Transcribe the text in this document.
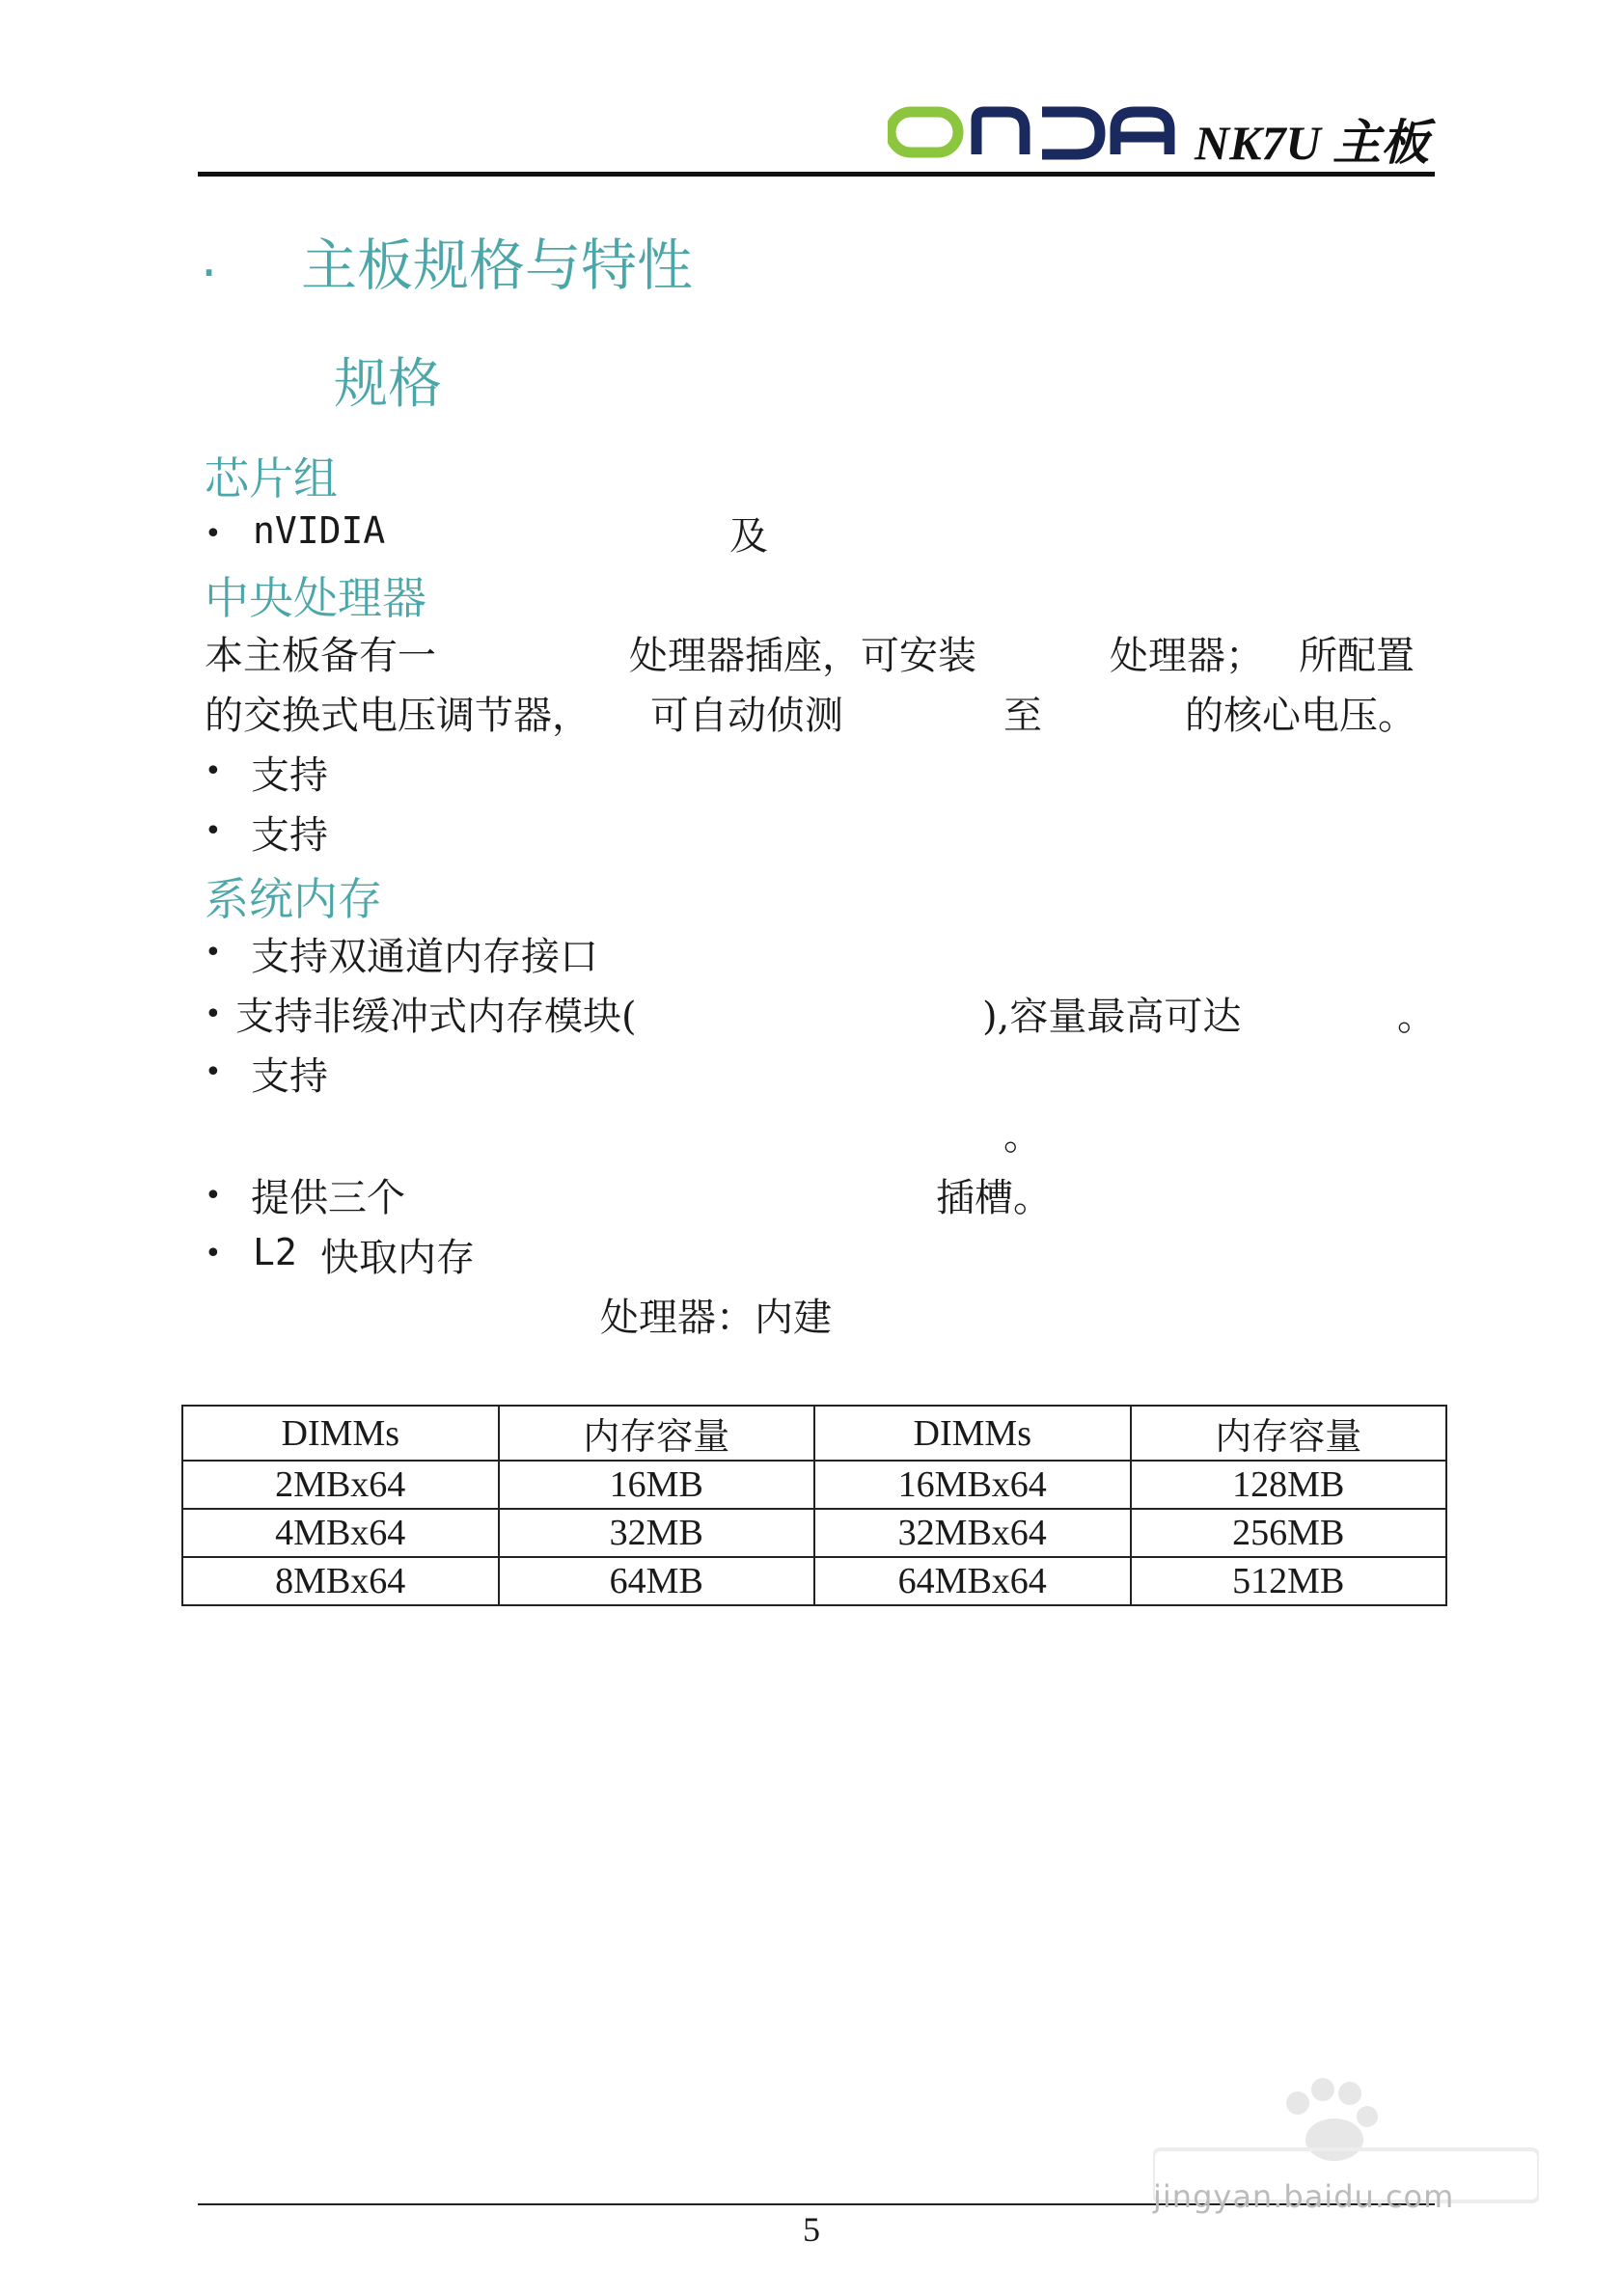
NK7U 主板
. 主板规格与特性
规格
芯片组
• nVIDIA	及
中央处理器
本主板备有一	处理器插座，可安装	处理器； 所配置
的交换式电压调节器， 可自动侦测	至	的核心电压。
• 支持
• 支持
系统内存
• 支持双通道内存接口
• 支持非缓冲式内存模块(	),容量最高可达	。
• 支持
。
• 提供三个	插槽。
• L2 快取内存
处理器：内建
DIMMs	内存容量	DIMMs	内存容量
2MBx64	16MB	16MBx64	128MB
4MBx64	32MB	32MBx64	256MB
8MBx64	64MB	64MBx64	512MB
5
jingyan.baidu.com
